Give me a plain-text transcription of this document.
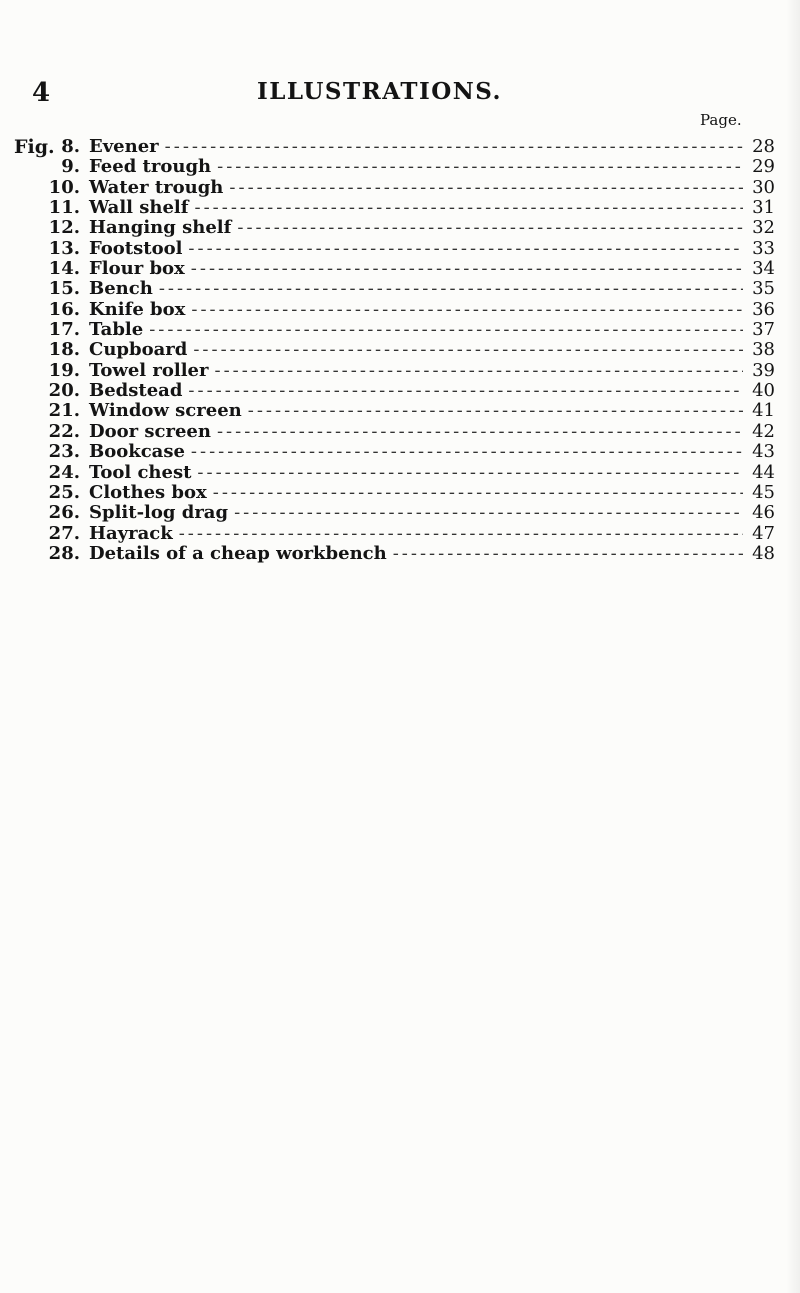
4	ILLUSTRATIONS.
Page.
Fig. 8. Evener -----	28
9. Feed trough -----	29
10. Water trough -----	30
11. Wall shelf -----	31
12. Hanging shelf -----	32
13. Footstool -----	33
14. Flour box -----	34
15. Bench -----	35
16. Knife box -----	36
17. Table -----	37
18. Cupboard -----	38
19. Towel roller -----	39
20. Bedstead -----	40
21. Window screen -----	41
22. Door screen -----	42
23. Bookcase -----	43
24. Tool chest -----	44
25. Clothes box -----	45
26. Split-log drag -----	46
27. Hayrack -----	47
28. Details of a cheap workbench -----	48
